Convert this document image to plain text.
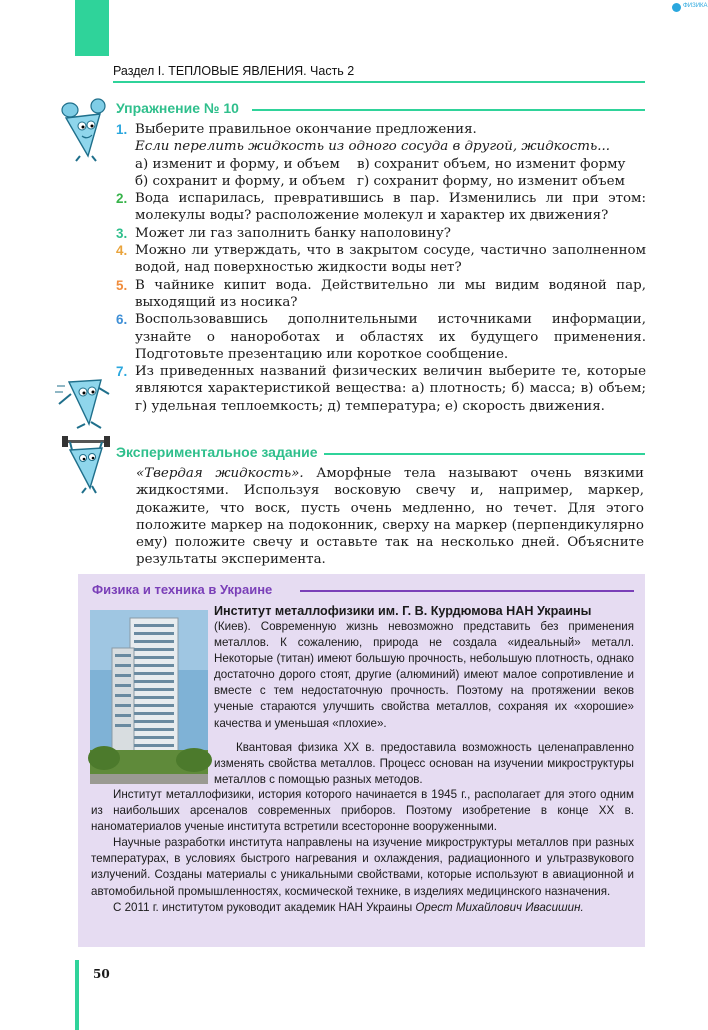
ΦИЗИКА
Раздел I. ТЕПЛОВЫЕ ЯВЛЕНИЯ. Часть 2
Упражнение № 10
1. Выберите правильное окончание предложения.
Если перелить жидкость из одного сосуда в другой, жидкость...
а) изменит и форму, и объем	в) сохранит объем, но изменит форму
б) сохранит и форму, и объем г) сохранит форму, но изменит объем
2. Вода испарилась, превратившись в пар. Изменились ли при этом: молекулы воды? расположение молекул и характер их движения?
3. Может ли газ заполнить банку наполовину?
4. Можно ли утверждать, что в закрытом сосуде, частично заполненном водой, над поверхностью жидкости воды нет?
5. В чайнике кипит вода. Действительно ли мы видим водяной пар, выходящий из носика?
6. Воспользовавшись дополнительными источниками информации, узнайте о нанороботах и областях их будущего применения. Подготовьте презентацию или короткое сообщение.
7. Из приведенных названий физических величин выберите те, которые являются характеристикой вещества: а) плотность; б) масса; в) объем; г) удельная теплоемкость; д) температура; е) скорость движения.
Экспериментальное задание
«Твердая жидкость». Аморфные тела называют очень вязкими жидкостями. Используя восковую свечу и, например, маркер, докажите, что воск, пусть очень медленно, но течет. Для этого положите маркер на подоконник, сверху на маркер (перпендикулярно ему) положите свечу и оставьте так на несколько дней. Объясните результаты эксперимента.
Физика и техника в Украине
Институт металлофизики им. Г. В. Курдюмова НАН Украины
(Киев). Современную жизнь невозможно представить без применения металлов. К сожалению, природа не создала «идеальный» металл. Некоторые (титан) имеют большую прочность, небольшую плотность, однако достаточно дорого стоят, другие (алюминий) имеют малое сопротивление и вместе с тем недостаточную прочность. Поэтому на протяжении веков ученые стараются улучшить свойства металлов, сохраняя их «хорошие» качества и уменьшая «плохие».
Квантовая физика XX в. предоставила возможность целенаправленно изменять свойства металлов. Процесс основан на изучении микроструктуры металлов с помощью разных методов.

Институт металлофизики, история которого начинается в 1945 г., располагает для этого одним из наибольших арсеналов современных приборов. Поэтому изобретение в конце XX в. наноматериалов ученые института встретили всесторонне вооруженными.

Научные разработки института направлены на изучение микроструктуры металлов при разных температурах, в условиях быстрого нагревания и охлаждения, радиационного и ультразвукового излучений. Созданы материалы с уникальными свойствами, которые используют в авиационной и автомобильной промышленностях, космической технике, в изделиях медицинского назначения.

С 2011 г. институтом руководит академик НАН Украины Орест Михайлович Ивасишин.

50
